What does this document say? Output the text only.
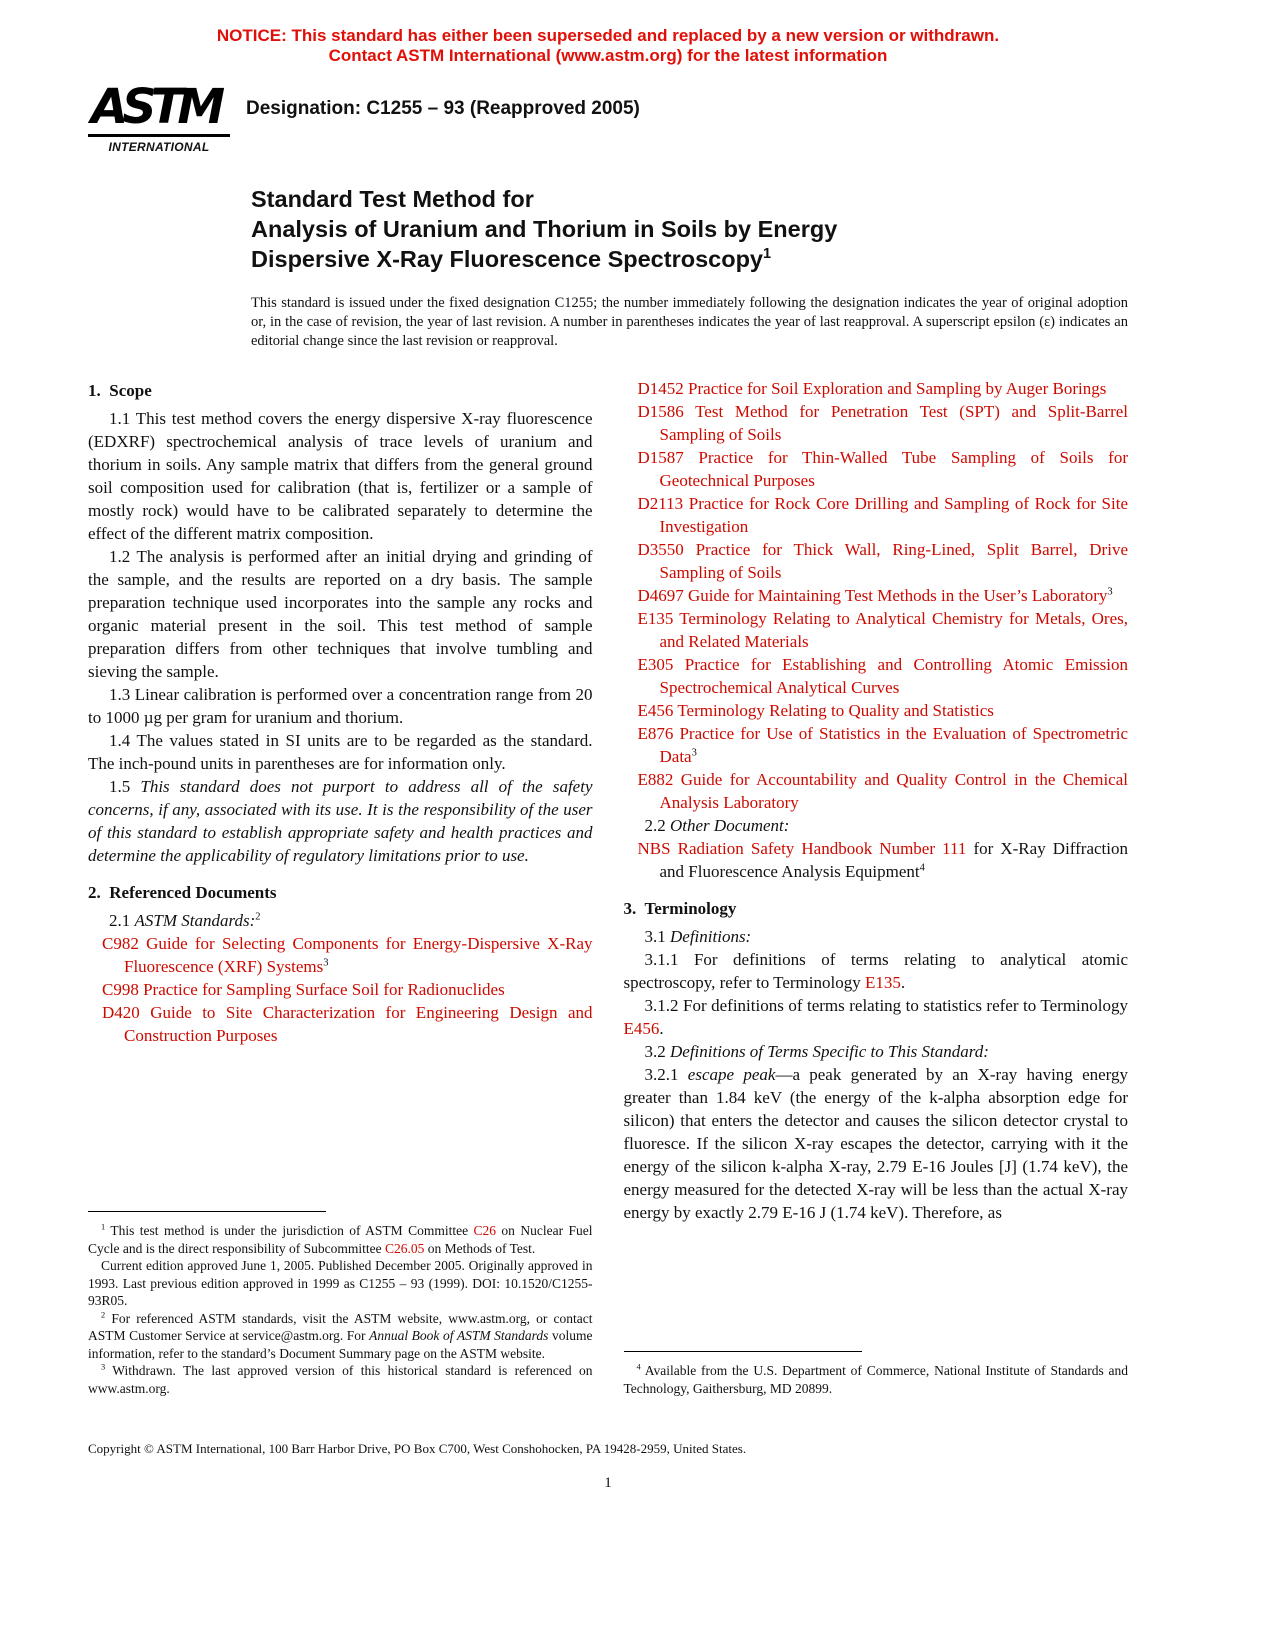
NOTICE: This standard has either been superseded and replaced by a new version or withdrawn.
Contact ASTM International (www.astm.org) for the latest information
ASTM
INTERNATIONAL
Designation: C1255 – 93 (Reapproved 2005)
Standard Test Method for
Analysis of Uranium and Thorium in Soils by Energy
Dispersive X-Ray Fluorescence Spectroscopy$^1$

This standard is issued under the fixed designation C1255; the number immediately following the designation indicates the year of original adoption or, in the case of revision, the year of last revision. A number in parentheses indicates the year of last reapproval. A superscript epsilon (ε) indicates an editorial change since the last revision or reapproval.

1.  Scope

1.1 This test method covers the energy dispersive X-ray fluorescence (EDXRF) spectrochemical analysis of trace levels of uranium and thorium in soils. Any sample matrix that differs from the general ground soil composition used for calibration (that is, fertilizer or a sample of mostly rock) would have to be calibrated separately to determine the effect of the different matrix composition.

1.2 The analysis is performed after an initial drying and grinding of the sample, and the results are reported on a dry basis. The sample preparation technique used incorporates into the sample any rocks and organic material present in the soil. This test method of sample preparation differs from other techniques that involve tumbling and sieving the sample.

1.3 Linear calibration is performed over a concentration range from 20 to 1000 µg per gram for uranium and thorium.

1.4 The values stated in SI units are to be regarded as the standard. The inch-pound units in parentheses are for information only.

1.5 This standard does not purport to address all of the safety concerns, if any, associated with its use. It is the responsibility of the user of this standard to establish appropriate safety and health practices and determine the applicability of regulatory limitations prior to use.

2.  Referenced Documents

2.1 ASTM Standards:$^2$

C982 Guide for Selecting Components for Energy-Dispersive X-Ray Fluorescence (XRF) Systems$^3$

C998 Practice for Sampling Surface Soil for Radionuclides

D420 Guide to Site Characterization for Engineering Design and Construction Purposes

$^1$ This test method is under the jurisdiction of ASTM Committee C26 on Nuclear Fuel Cycle and is the direct responsibility of Subcommittee C26.05 on Methods of Test.

Current edition approved June 1, 2005. Published December 2005. Originally approved in 1993. Last previous edition approved in 1999 as C1255 – 93 (1999). DOI: 10.1520/C1255-93R05.

$^2$ For referenced ASTM standards, visit the ASTM website, www.astm.org, or contact ASTM Customer Service at service@astm.org. For Annual Book of ASTM Standards volume information, refer to the standard’s Document Summary page on the ASTM website.

$^3$ Withdrawn. The last approved version of this historical standard is referenced on www.astm.org.

D1452 Practice for Soil Exploration and Sampling by Auger Borings

D1586 Test Method for Penetration Test (SPT) and Split-Barrel Sampling of Soils

D1587 Practice for Thin-Walled Tube Sampling of Soils for Geotechnical Purposes

D2113 Practice for Rock Core Drilling and Sampling of Rock for Site Investigation

D3550 Practice for Thick Wall, Ring-Lined, Split Barrel, Drive Sampling of Soils

D4697 Guide for Maintaining Test Methods in the User’s Laboratory$^3$

E135 Terminology Relating to Analytical Chemistry for Metals, Ores, and Related Materials

E305 Practice for Establishing and Controlling Atomic Emission Spectrochemical Analytical Curves

E456 Terminology Relating to Quality and Statistics

E876 Practice for Use of Statistics in the Evaluation of Spectrometric Data$^3$

E882 Guide for Accountability and Quality Control in the Chemical Analysis Laboratory

2.2 Other Document:

NBS Radiation Safety Handbook Number 111 for X-Ray Diffraction and Fluorescence Analysis Equipment$^4$

3.  Terminology

3.1 Definitions:

3.1.1 For definitions of terms relating to analytical atomic spectroscopy, refer to Terminology E135.

3.1.2 For definitions of terms relating to statistics refer to Terminology E456.

3.2 Definitions of Terms Specific to This Standard:

3.2.1 escape peak—a peak generated by an X-ray having energy greater than 1.84 keV (the energy of the k-alpha absorption edge for silicon) that enters the detector and causes the silicon detector crystal to fluoresce. If the silicon X-ray escapes the detector, carrying with it the energy of the silicon k-alpha X-ray, 2.79 E-16 Joules [J] (1.74 keV), the energy measured for the detected X-ray will be less than the actual X-ray energy by exactly 2.79 E-16 J (1.74 keV). Therefore, as

$^4$ Available from the U.S. Department of Commerce, National Institute of Standards and Technology, Gaithersburg, MD 20899.

Copyright © ASTM International, 100 Barr Harbor Drive, PO Box C700, West Conshohocken, PA 19428-2959, United States.

1
